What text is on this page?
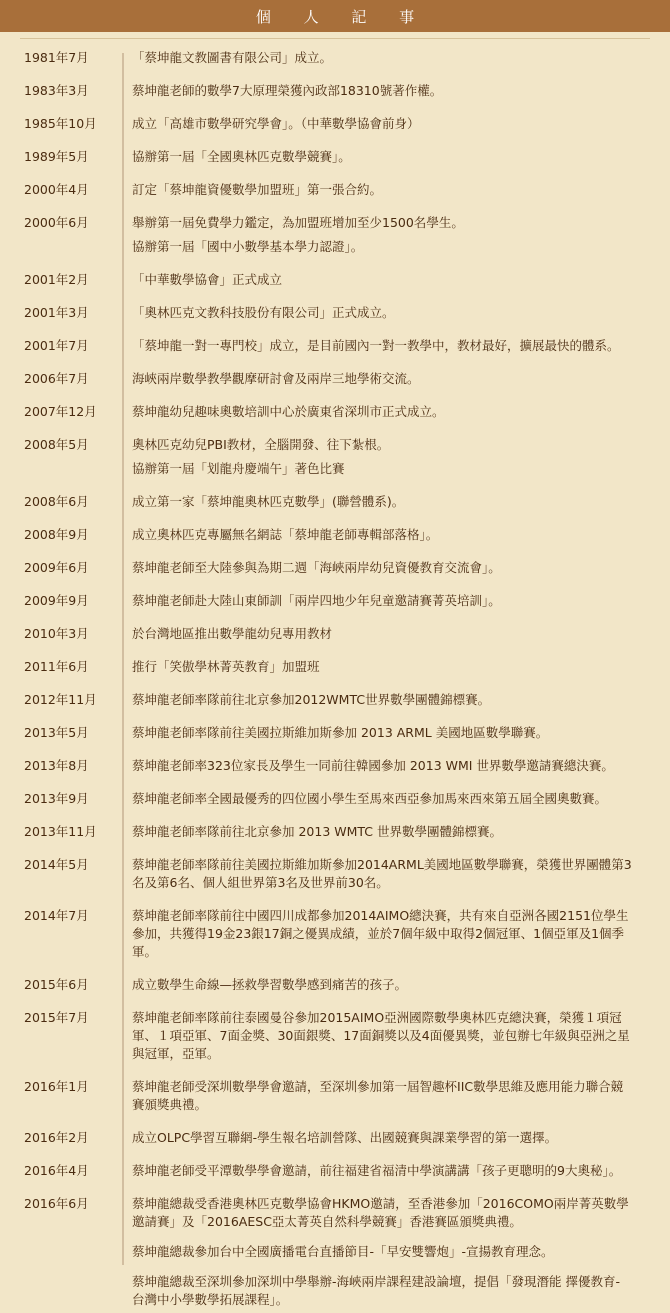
個 人 記 事
1981年7月	「蔡坤龍文教圖書有限公司」成立。
1983年3月	蔡坤龍老師的數學7大原理榮獲內政部18310號著作權。
1985年10月	成立「高雄市數學研究學會」。（中華數學協會前身）
1989年5月	協辦第一屆「全國奧林匹克數學競賽」。
2000年4月	訂定「蔡坤龍資優數學加盟班」第一張合約。
2000年6月	舉辦第一屆免費學力鑑定，為加盟班增加至少1500名學生。
協辦第一屆「國中小數學基本學力認證」。
2001年2月	「中華數學協會」正式成立
2001年3月	「奧林匹克文教科技股份有限公司」正式成立。
2001年7月	「蔡坤龍一對一專門校」成立，是目前國內一對一教學中，教材最好，擴展最快的體系。
2006年7月	海峽兩岸數學教學觀摩研討會及兩岸三地學術交流。
2007年12月	蔡坤龍幼兒趣味奧數培訓中心於廣東省深圳市正式成立。
2008年5月	奧林匹克幼兒PBI教材，全腦開發、往下紮根。
協辦第一屆「划龍舟慶端午」著色比賽
2008年6月	成立第一家「蔡坤龍奧林匹克數學」(聯營體系)。
2008年9月	成立奧林匹克專屬無名網誌「蔡坤龍老師專輯部落格」。
2009年6月	蔡坤龍老師至大陸參與為期二週「海峽兩岸幼兒資優教育交流會」。
2009年9月	蔡坤龍老師赴大陸山東師訓「兩岸四地少年兒童邀請賽菁英培訓」。
2010年3月	於台灣地區推出數學龍幼兒專用教材
2011年6月	推行「笑傲學林菁英教育」加盟班
2012年11月	蔡坤龍老師率隊前往北京參加2012WMTC世界數學團體錦標賽。
2013年5月	蔡坤龍老師率隊前往美國拉斯維加斯參加 2013 ARML 美國地區數學聯賽。
2013年8月	蔡坤龍老師率323位家長及學生一同前往韓國參加 2013 WMI 世界數學邀請賽總決賽。
2013年9月	蔡坤龍老師率全國最優秀的四位國小學生至馬來西亞參加馬來西來第五屆全國奧數賽。
2013年11月	蔡坤龍老師率隊前往北京參加 2013 WMTC 世界數學團體錦標賽。
2014年5月	蔡坤龍老師率隊前往美國拉斯維加斯參加2014ARML美國地區數學聯賽，榮獲世界團體第3名及第6名、個人組世界第3名及世界前30名。
2014年7月	蔡坤龍老師率隊前往中國四川成都參加2014AIMO總決賽，共有來自亞洲各國2151位學生參加，共獲得19金23銀17銅之優異成績，並於7個年級中取得2個冠軍、1個亞軍及1個季軍。
2015年6月	成立數學生命線—拯救學習數學感到痛苦的孩子。
2015年7月	蔡坤龍老師率隊前往泰國曼谷參加2015AIMO亞洲國際數學奧林匹克總決賽，榮獲１項冠軍、１項亞軍、7面金獎、30面銀獎、17面銅獎以及4面優異獎，並包辦七年級與亞洲之星與冠軍，亞軍。
2016年1月	蔡坤龍老師受深圳數學學會邀請，至深圳參加第一屆智趣杯IIC數學思維及應用能力聯合競賽頒獎典禮。
2016年2月	成立OLPC學習互聯網-學生報名培訓營隊、出國競賽與課業學習的第一選擇。
2016年4月	蔡坤龍老師受平潭數學學會邀請，前往福建省福清中學演講講「孩子更聰明的9大奧秘」。
2016年6月	蔡坤龍總裁受香港奧林匹克數學協會HKMO邀請，至香港參加「2016COMO兩岸菁英數學邀請賽」及「2016AESC亞太菁英自然科學競賽」香港賽區頒獎典禮。
蔡坤龍總裁參加台中全國廣播電台直播節目-「早安雙響炮」-宣揚教育理念。
蔡坤龍總裁至深圳參加深圳中學舉辦-海峽兩岸課程建設論壇，提倡「發現潛能 擇優教育-台灣中小學數學拓展課程」。
